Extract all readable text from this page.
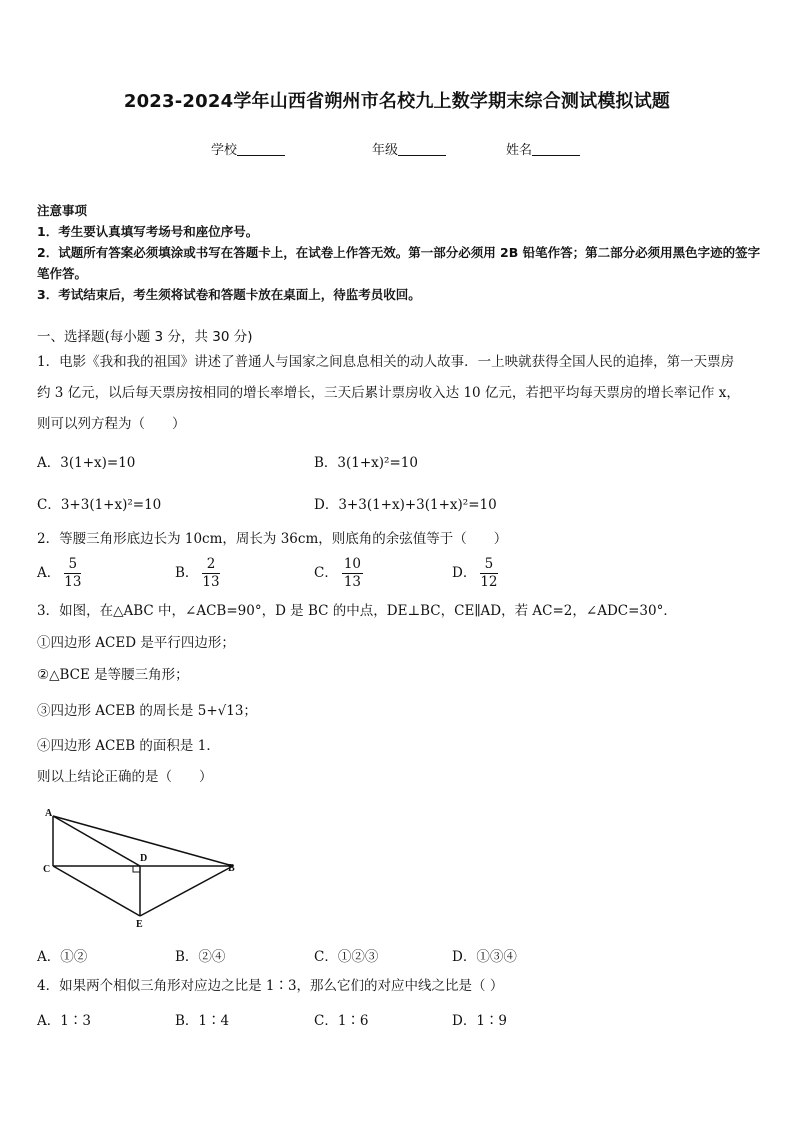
2023-2024学年山西省朔州市名校九上数学期末综合测试模拟试题
学校	年级	姓名

注意事项

1．考生要认真填写考场号和座位序号。

2．试题所有答案必须填涂或书写在答题卡上，在试卷上作答无效。第一部分必须用 2B 铅笔作答；第二部分必须用黑色字迹的签字笔作答。

3．考试结束后，考生须将试卷和答题卡放在桌面上，待监考员收回。

一、选择题(每小题 3 分，共 30 分)
1．电影《我和我的祖国》讲述了普通人与国家之间息息相关的动人故事．一上映就获得全国人民的追捧，第一天票房
约 3 亿元，以后每天票房按相同的增长率增长，三天后累计票房收入达 10 亿元，若把平均每天票房的增长率记作 x，
则可以列方程为（　　）
A．3(1+x)=10	B．3(1+x)²=10
C．3+3(1+x)²=10	D．3+3(1+x)+3(1+x)²=10
2．等腰三角形底边长为 10cm，周长为 36cm，则底角的余弦值等于（　　）
A． $\frac{5}{13}$	B． $\frac{2}{13}$	C． $\frac{10}{13}$	D． $\frac{5}{12}$
3．如图，在△ABC 中，∠ACB=90°，D 是 BC 的中点，DE⊥BC，CE∥AD，若 AC=2，∠ADC=30°．
①四边形 ACED 是平行四边形；
②△BCE 是等腰三角形；
③四边形 ACEB 的周长是 5+√13；
④四边形 ACEB 的面积是 1．
则以上结论正确的是（　　）
A
C
D
B
E
A．①②	B．②④	C．①②③	D．①③④
4．如果两个相似三角形对应边之比是 1∶3，那么它们的对应中线之比是（ ）
A．1∶3	B．1∶4	C．1∶6	D．1∶9
